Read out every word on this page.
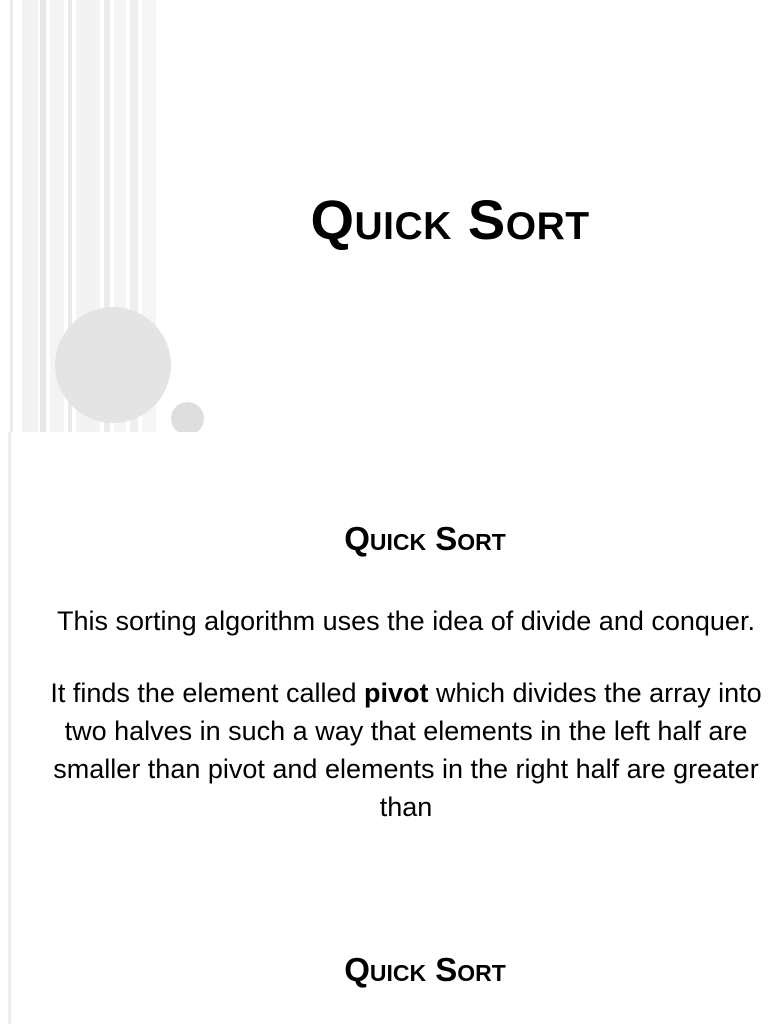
Quick Sort
Quick Sort

This sorting algorithm uses the idea of divide and conquer.

It finds the element called pivot which divides the array into two halves in such a way that elements in the left half are smaller than pivot and elements in the right half are greater than

Quick Sort
